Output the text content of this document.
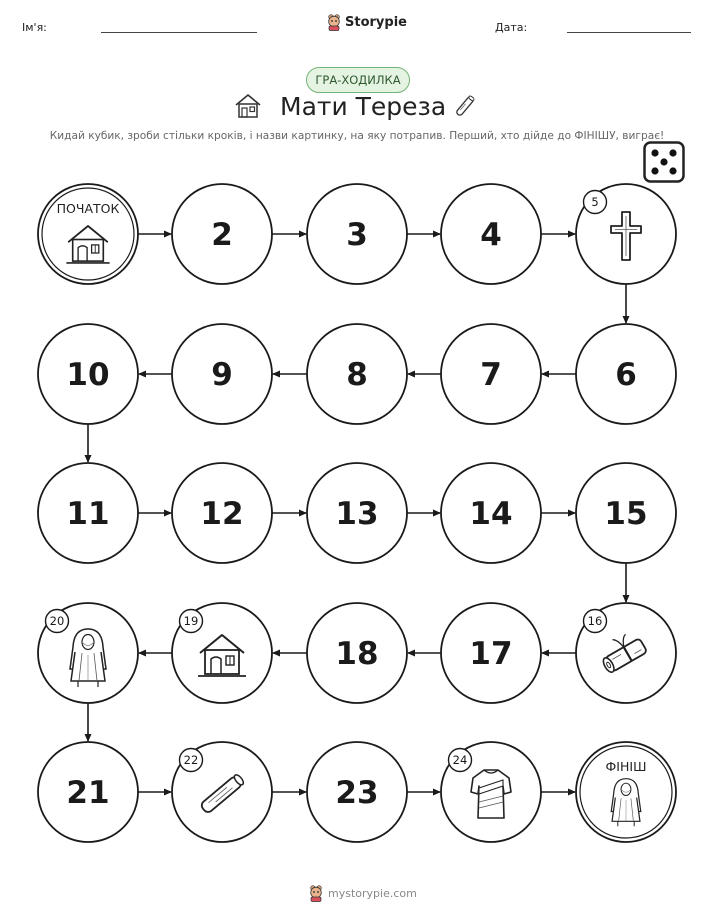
Ім'я:	Storypie	Дата:
ГРА-ХОДИЛКА
Мати Тереза
Кидай кубик, зроби стільки кроків, і назви картинку, на яку потрапив. Перший, хто дійде до ФІНІШУ, виграє!
ПОЧАТОК
2	3	4
5
6
7
8
9
10
11	12	13	14	15
16
17
18
19
20
21
22
23
24	ФІНІШ
mystorypie.com
